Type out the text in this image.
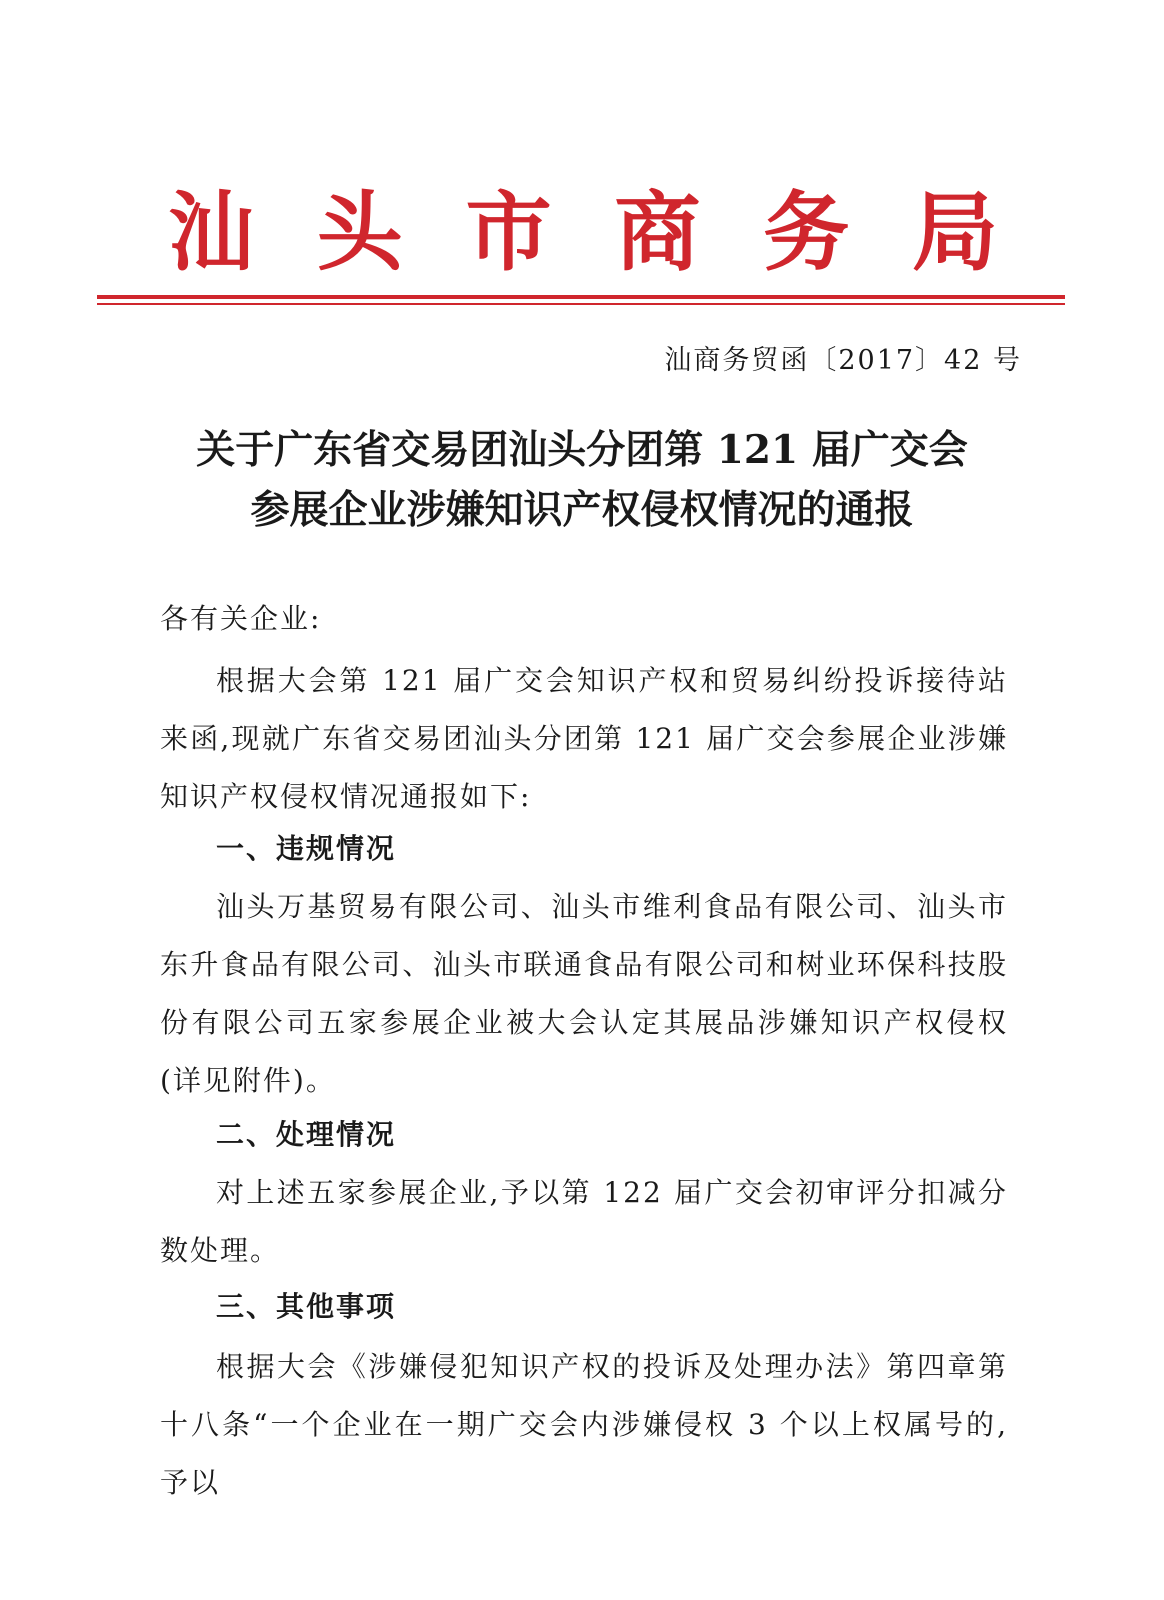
汕 头 市 商 务 局
汕商务贸函〔2017〕42 号
关于广东省交易团汕头分团第 121 届广交会
参展企业涉嫌知识产权侵权情况的通报
各有关企业:
根据大会第 121 届广交会知识产权和贸易纠纷投诉接待站来函,现就广东省交易团汕头分团第 121 届广交会参展企业涉嫌知识产权侵权情况通报如下:
一、违规情况
汕头万基贸易有限公司、汕头市维利食品有限公司、汕头市东升食品有限公司、汕头市联通食品有限公司和树业环保科技股份有限公司五家参展企业被大会认定其展品涉嫌知识产权侵权 (详见附件)。
二、处理情况
对上述五家参展企业,予以第 122 届广交会初审评分扣减分数处理。
三、其他事项
根据大会《涉嫌侵犯知识产权的投诉及处理办法》第四章第十八条“一个企业在一期广交会内涉嫌侵权 3 个以上权属号的,予以
